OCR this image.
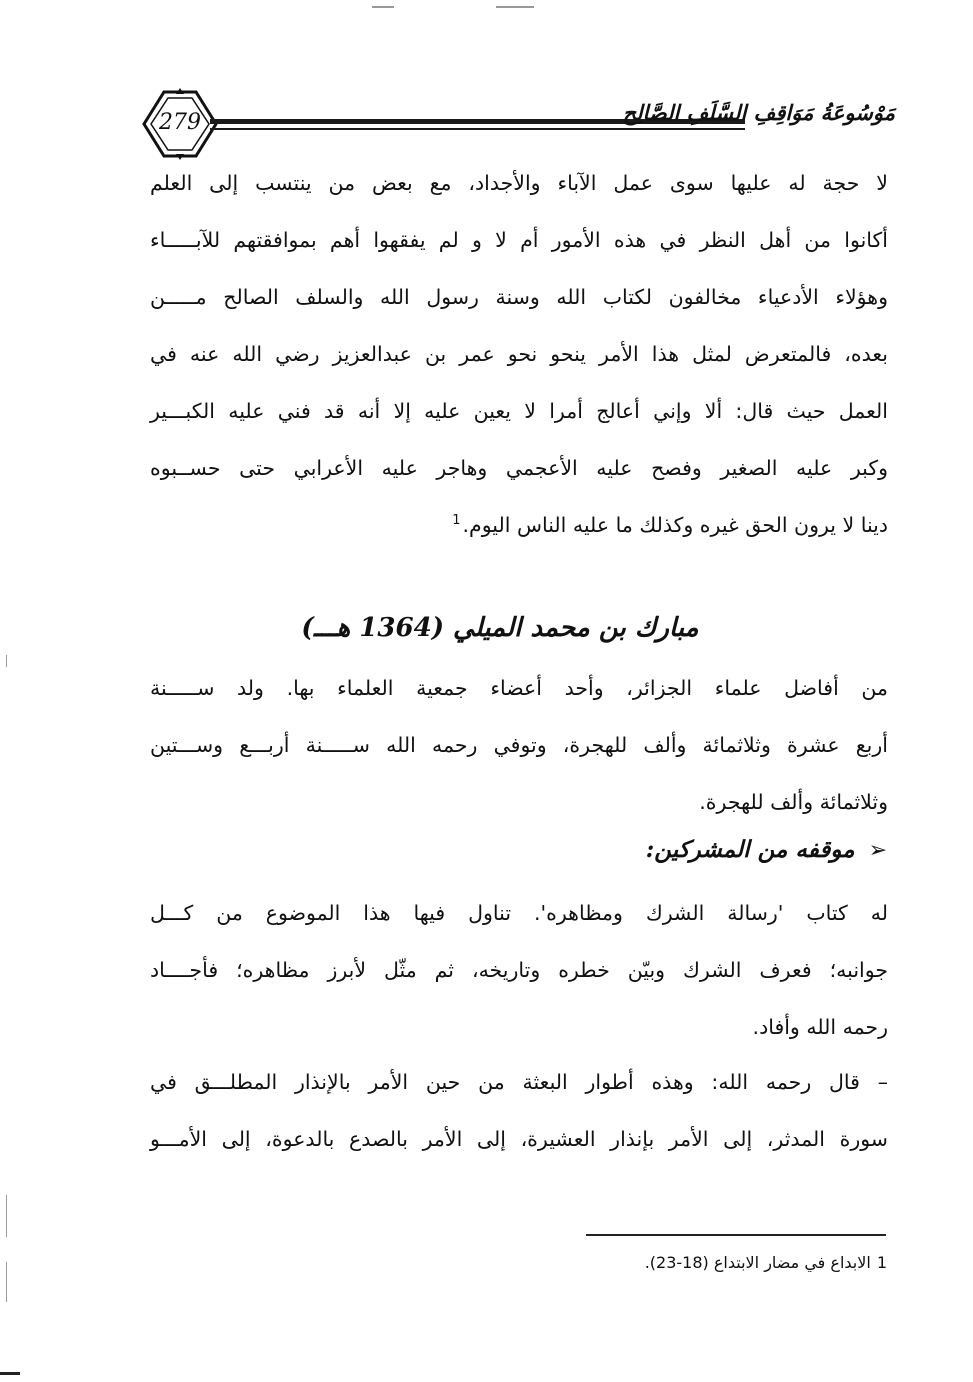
279	مَوْسُوعَةُ مَوَاقِفِ السَّلَفِ الصَّالِح
لا حجة له عليها سوى عمل الآباء والأجداد، مع بعض من ينتسب إلى العلم
أكانوا من أهل النظر في هذه الأمور أم لا و لم يفقهوا أهم بموافقتهم للآبـــــاء
وهؤلاء الأدعياء مخالفون لكتاب الله وسنة رسول الله والسلف الصالح مـــــن
بعده، فالمتعرض لمثل هذا الأمر ينحو نحو عمر بن عبدالعزيز رضي الله عنه في
العمل حيث قال: ألا وإني أعالج أمرا لا يعين عليه إلا أنه قد فني عليه الكبـــير
وكبر عليه الصغير وفصح عليه الأعجمي وهاجر عليه الأعرابي حتى حســبوه
دينا لا يرون الحق غيره وكذلك ما عليه الناس اليوم.$^1$
مبارك بن محمد الميلي (1364 هـــ)
من أفاضل علماء الجزائر، وأحد أعضاء جمعية العلماء بها. ولد ســـــنة
أربع عشرة وثلاثمائة وألف للهجرة، وتوفي رحمه الله ســـــنة أربـــع وســـتين
وثلاثمائة وألف للهجرة.
➢موقفه من المشركين:
له كتاب 'رسالة الشرك ومظاهره'. تناول فيها هذا الموضوع من كـــل
جوانبه؛ فعرف الشرك وبيّن خطره وتاريخه، ثم مثّل لأبرز مظاهره؛ فأجــــاد
رحمه الله وأفاد.
– قال رحمه الله: وهذه أطوار البعثة من حين الأمر بالإنذار المطلـــق في
سورة المدثر، إلى الأمر بإنذار العشيرة، إلى الأمر بالصدع بالدعوة، إلى الأمـــو
1الابداع في مضار الابتداع (18-23).
